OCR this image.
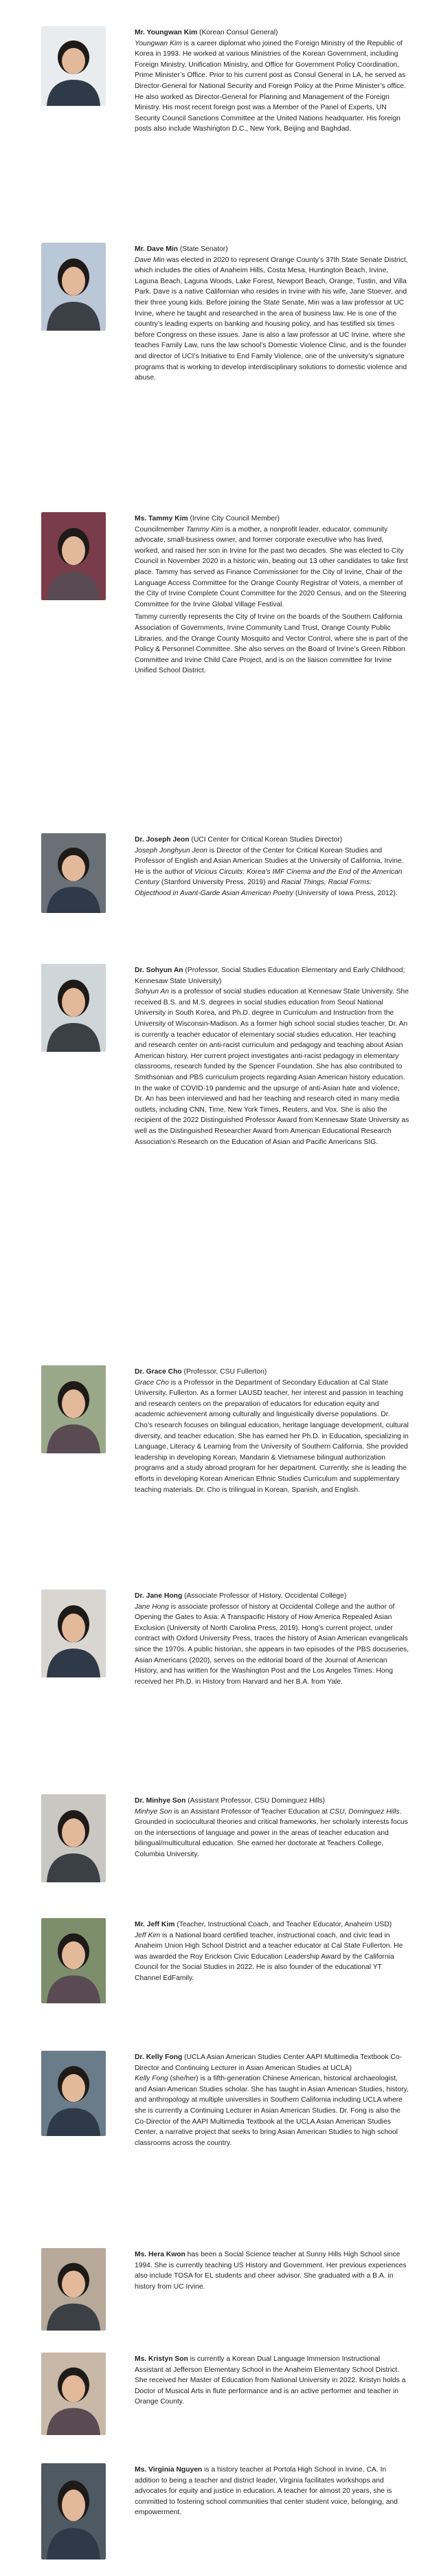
Mr. Youngwan Kim (Korean Consul General)
Youngwan Kim is a career diplomat who joined the Foreign Ministry of the Republic of Korea in 1993. He worked at various Ministries of the Korean Government, including Foreign Ministry, Unification Ministry, and Office for Government Policy Coordination, Prime Minister’s Office. Prior to his current post as Consul General in LA, he served as Director-General for National Security and Foreign Policy at the Prime Minister’s office. He also worked as Director-General for Planning and Management of the Foreign Ministry. His most recent foreign post was a Member of the Panel of Experts, UN Security Council Sanctions Committee at the United Nations headquarter. His foreign posts also include Washington D.C., New York, Beijing and Baghdad.

Mr. Dave Min (State Senator)
Dave Min was elected in 2020 to represent Orange County’s 37th State Senate District, which includes the cities of Anaheim Hills, Costa Mesa, Huntington Beach, Irvine, Laguna Beach, Laguna Woods, Lake Forest, Newport Beach, Orange, Tustin, and Villa Park. Dave is a native Californian who resides in Irvine with his wife, Jane Stoever, and their three young kids. Before joining the State Senate, Min was a law professor at UC Irvine, where he taught and researched in the area of business law. He is one of the country’s leading experts on banking and housing policy, and has testified six times before Congress on these issues. Jane is also a law professor at UC Irvine, where she teaches Family Law, runs the law school’s Domestic Violence Clinic, and is the founder and director of UCI’s Initiative to End Family Violence, one of the university’s signature programs that is working to develop interdisciplinary solutions to domestic violence and abuse.

Ms. Tammy Kim (Irvine City Council Member)
Councilmember Tammy Kim is a mother, a nonprofit leader, educator, community advocate, small-business owner, and former corporate executive who has lived, worked, and raised her son in Irvine for the past two decades. She was elected to City Council in November 2020 in a historic win, beating out 13 other candidates to take first place. Tammy has served as Finance Commissioner for the City of Irvine, Chair of the Language Access Committee for the Orange County Registrar of Voters, a member of the City of Irvine Complete Count Committee for the 2020 Census, and on the Steering Committee for the Irvine Global Village Festival.

Tammy currently represents the City of Irvine on the boards of the Southern California Association of Governments, Irvine Community Land Trust, Orange County Public Libraries, and the Orange County Mosquito and Vector Control, where she is part of the Policy & Personnel Committee. She also serves on the Board of Irvine’s Green Ribbon Committee and Irvine Child Care Project, and is on the liaison committee for Irvine Unified School District.

Dr. Joseph Jeon (UCI Center for Critical Korean Studies Director)
Joseph Jonghyun Jeon is Director of the Center for Critical Korean Studies and Professor of English and Asian American Studies at the University of California, Irvine. He is the author of Vicious Circuits: Korea’s IMF Cinema and the End of the American Century (Stanford University Press, 2019) and Racial Things, Racial Forms: Objecthood in Avant-Garde Asian American Poetry (University of Iowa Press, 2012).

Dr. Sohyun An (Professor, Social Studies Education Elementary and Early Childhood; Kennesaw State University)
Sohyun An is a professor of social studies education at Kennesaw State University. She received B.S. and M.S. degrees in social studies education from Seoul National University in South Korea, and Ph.D. degree in Curriculum and Instruction from the University of Wisconsin-Madison. As a former high school social studies teacher, Dr. An is currently a teacher educator of elementary social studies education. Her teaching and research center on anti-racist curriculum and pedagogy and teaching about Asian American history. Her current project investigates anti-racist pedagogy in elementary classrooms, research funded by the Spencer Foundation. She has also contributed to Smithsonian and PBS curriculum projects regarding Asian American history education. In the wake of COVID-19 pandemic and the upsurge of anti-Asian hate and violence, Dr. An has been interviewed and had her teaching and research cited in many media outlets, including CNN, Time, New York Times, Reuters, and Vox. She is also the recipient of the 2022 Distinguished Professor Award from Kennesaw State University as well as the Distinguished Researcher Award from American Educational Research Association’s Research on the Education of Asian and Pacific Americans SIG.

Dr. Grace Cho (Professor, CSU Fullerton)
Grace Cho is a Professor in the Department of Secondary Education at Cal State University, Fullerton. As a former LAUSD teacher, her interest and passion in teaching and research centers on the preparation of educators for education equity and academic achievement among culturally and linguistically diverse populations. Dr. Cho’s research focuses on bilingual education, heritage language development, cultural diversity, and teacher education. She has earned her Ph.D. in Education, specializing in Language, Literacy & Learning from the University of Southern California. She provided leadership in developing Korean, Mandarin & Vietnamese bilingual authorization programs and a study abroad program for her department. Currently, she is leading the efforts in developing Korean American Ethnic Studies Curriculum and supplementary teaching materials. Dr. Cho is trilingual in Korean, Spanish, and English.

Dr. Jane Hong (Associate Professor of History, Occidental College)
Jane Hong is associate professor of history at Occidental College and the author of Opening the Gates to Asia: A Transpacific History of How America Repealed Asian Exclusion (University of North Carolina Press, 2019). Hong’s current project, under contract with Oxford University Press, traces the history of Asian American evangelicals since the 1970s. A public historian, she appears in two episodes of the PBS docuseries, Asian Americans (2020), serves on the editorial board of the Journal of American History, and has written for the Washington Post and the Los Angeles Times. Hong received her Ph.D. in History from Harvard and her B.A. from Yale.

Dr. Minhye Son (Assistant Professor, CSU Dominguez Hills)
Minhye Son is an Assistant Professor of Teacher Education at CSU, Dominguez Hills. Grounded in sociocultural theories and critical frameworks, her scholarly interests focus on the intersections of language and power in the areas of teacher education and bilingual/multicultural education. She earned her doctorate at Teachers College, Columbia University.

Mr. Jeff Kim (Teacher, Instructional Coach, and Teacher Educator, Anaheim USD)
Jeff Kim is a National board certified teacher, instructional coach, and civic lead in Anaheim Union High School District and a teacher educator at Cal State Fullerton. He was awarded the Roy Erickson Civic Education Leadership Award by the California Council for the Social Studies in 2022. He is also founder of the educational YT Channel EdFamily.

Dr. Kelly Fong (UCLA Asian American Studies Center AAPI Multimedia Textbook Co-Director and Continuing Lecturer in Asian American Studies at UCLA)
Kelly Fong (she/her) is a fifth-generation Chinese American, historical archaeologist, and Asian American Studies scholar. She has taught in Asian American Studies, history, and anthropology at multiple universities in Southern California including UCLA where she is currently a Continuing Lecturer in Asian American Studies. Dr. Fong is also the Co-Director of the AAPI Multimedia Textbook at the UCLA Asian American Studies Center, a narrative project that seeks to bring Asian American Studies to high school classrooms across the country.

Ms. Hera Kwon has been a Social Science teacher at Sunny Hills High School since 1994. She is currently teaching US History and Government. Her previous experiences also include TOSA for EL students and cheer advisor. She graduated with a B.A. in history from UC Irvine.

Ms. Kristyn Son is currently a Korean Dual Language Immersion Instructional Assistant at Jefferson Elementary School in the Anaheim Elementary School District. She received her Master of Education from National University in 2022. Kristyn holds a Doctor of Musical Arts in flute performance and is an active performer and teacher in Orange County.

Ms. Virginia Nguyen is a history teacher at Portola High School in Irvine, CA. In addition to being a teacher and district leader, Virginia facilitates workshops and advocates for equity and justice in education. A teacher for almost 20 years, she is committed to fostering school communities that center student voice, belonging, and empowerment.
